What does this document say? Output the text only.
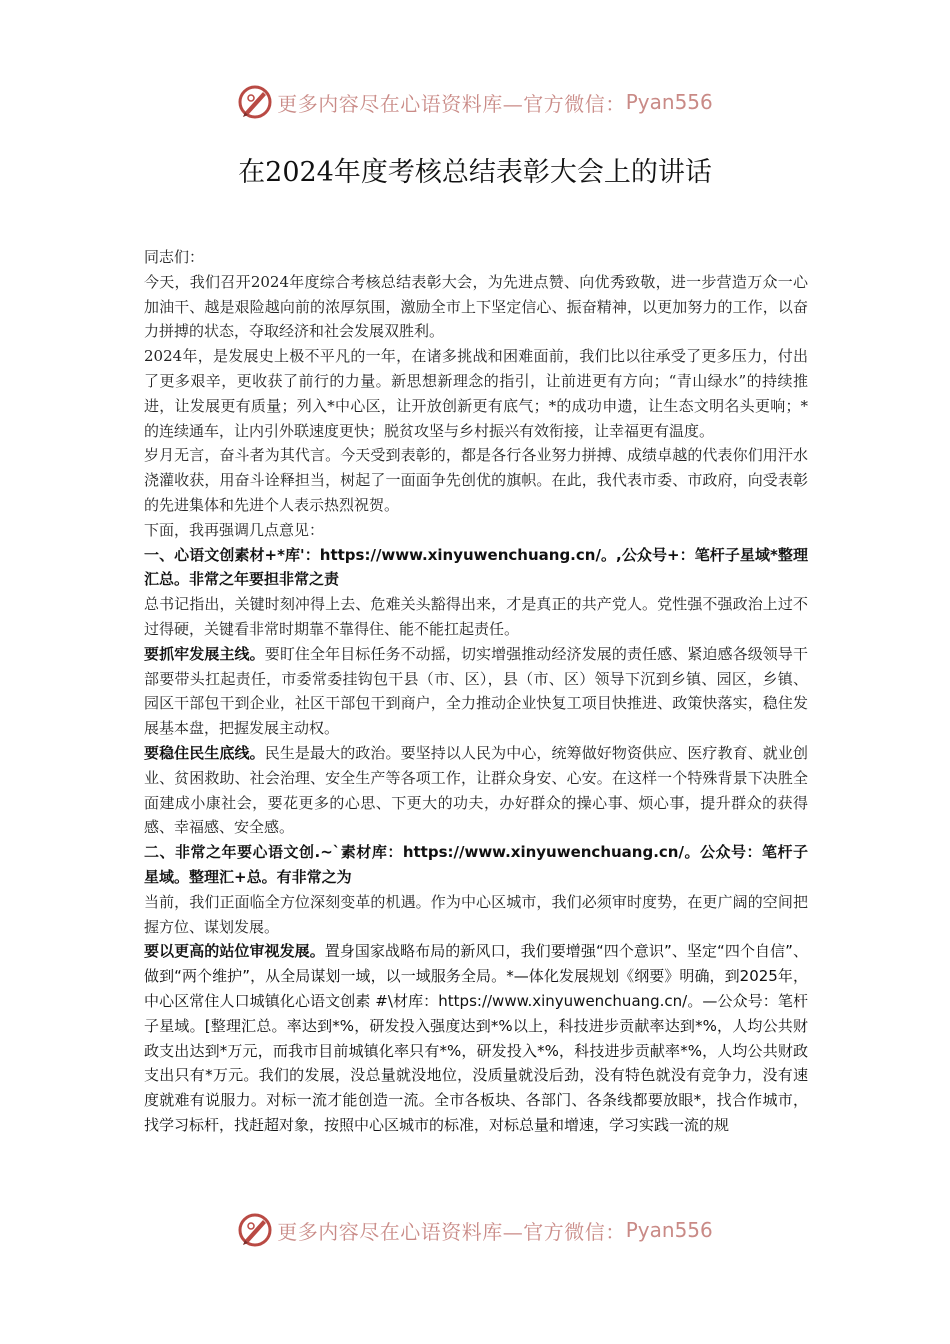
更多内容尽在心语资料库—官方微信： Pyan556
在2024年度考核总结表彰大会上的讲话

同志们：

今天，我们召开2024年度综合考核总结表彰大会，为先进点赞、向优秀致敬，进一步营造万众一心加油干、越是艰险越向前的浓厚氛围，激励全市上下坚定信心、振奋精神，以更加努力的工作，以奋力拼搏的状态，夺取经济和社会发展双胜利。

2024年，是发展史上极不平凡的一年，在诸多挑战和困难面前，我们比以往承受了更多压力，付出了更多艰辛，更收获了前行的力量。新思想新理念的指引，让前进更有方向；“青山绿水”的持续推进，让发展更有质量；列入*中心区，让开放创新更有底气；*的成功申遗，让生态文明名头更响；*的连续通车，让内引外联速度更快；脱贫攻坚与乡村振兴有效衔接，让幸福更有温度。

岁月无言，奋斗者为其代言。今天受到表彰的，都是各行各业努力拼搏、成绩卓越的代表你们用汗水浇灌收获，用奋斗诠释担当，树起了一面面争先创优的旗帜。在此，我代表市委、市政府，向受表彰的先进集体和先进个人表示热烈祝贺。

下面，我再强调几点意见：

一、心语文创素材+*库'：https://www.xinyuwenchuang.cn/。,公众号+：笔杆子星域*整理汇总。非常之年要担非常之责

总书记指出，关键时刻冲得上去、危难关头豁得出来，才是真正的共产党人。党性强不强政治上过不过得硬，关键看非常时期靠不靠得住、能不能扛起责任。

要抓牢发展主线。要盯住全年目标任务不动摇，切实增强推动经济发展的责任感、紧迫感各级领导干部要带头扛起责任，市委常委挂钩包干县（市、区），县（市、区）领导下沉到乡镇、园区，乡镇、园区干部包干到企业，社区干部包干到商户，全力推动企业快复工项目快推进、政策快落实，稳住发展基本盘，把握发展主动权。

要稳住民生底线。民生是最大的政治。要坚持以人民为中心，统筹做好物资供应、医疗教育、就业创业、贫困救助、社会治理、安全生产等各项工作，让群众身安、心安。在这样一个特殊背景下决胜全面建成小康社会，要花更多的心思、下更大的功夫，办好群众的操心事、烦心事，提升群众的获得感、幸福感、安全感。

二、非常之年要心语文创.~`素材库：https://www.xinyuwenchuang.cn/。公众号：笔杆子星域。整理汇+总。有非常之为

当前，我们正面临全方位深刻变革的机遇。作为中心区城市，我们必须审时度势，在更广阔的空间把握方位、谋划发展。

要以更高的站位审视发展。置身国家战略布局的新风口，我们要增强“四个意识”、坚定“四个自信”、做到“两个维护”，从全局谋划一域，以一域服务全局。*—体化发展规划《纲要》明确，到2025年，中心区常住人口城镇化心语文创素 #\材库：https://www.xinyuwenchuang.cn/。—公众号：笔杆子星域。[整理汇总。率达到*%，研发投入强度达到*%以上，科技进步贡献率达到*%，人均公共财政支出达到*万元，而我市目前城镇化率只有*%，研发投入*%，科技进步贡献率*%，人均公共财政支出只有*万元。我们的发展，没总量就没地位，没质量就没后劲，没有特色就没有竞争力，没有速度就难有说服力。对标一流才能创造一流。全市各板块、各部门、各条线都要放眼*，找合作城市，找学习标杆，找赶超对象，按照中心区城市的标准，对标总量和增速，学习实践一流的规

更多内容尽在心语资料库—官方微信： Pyan556
